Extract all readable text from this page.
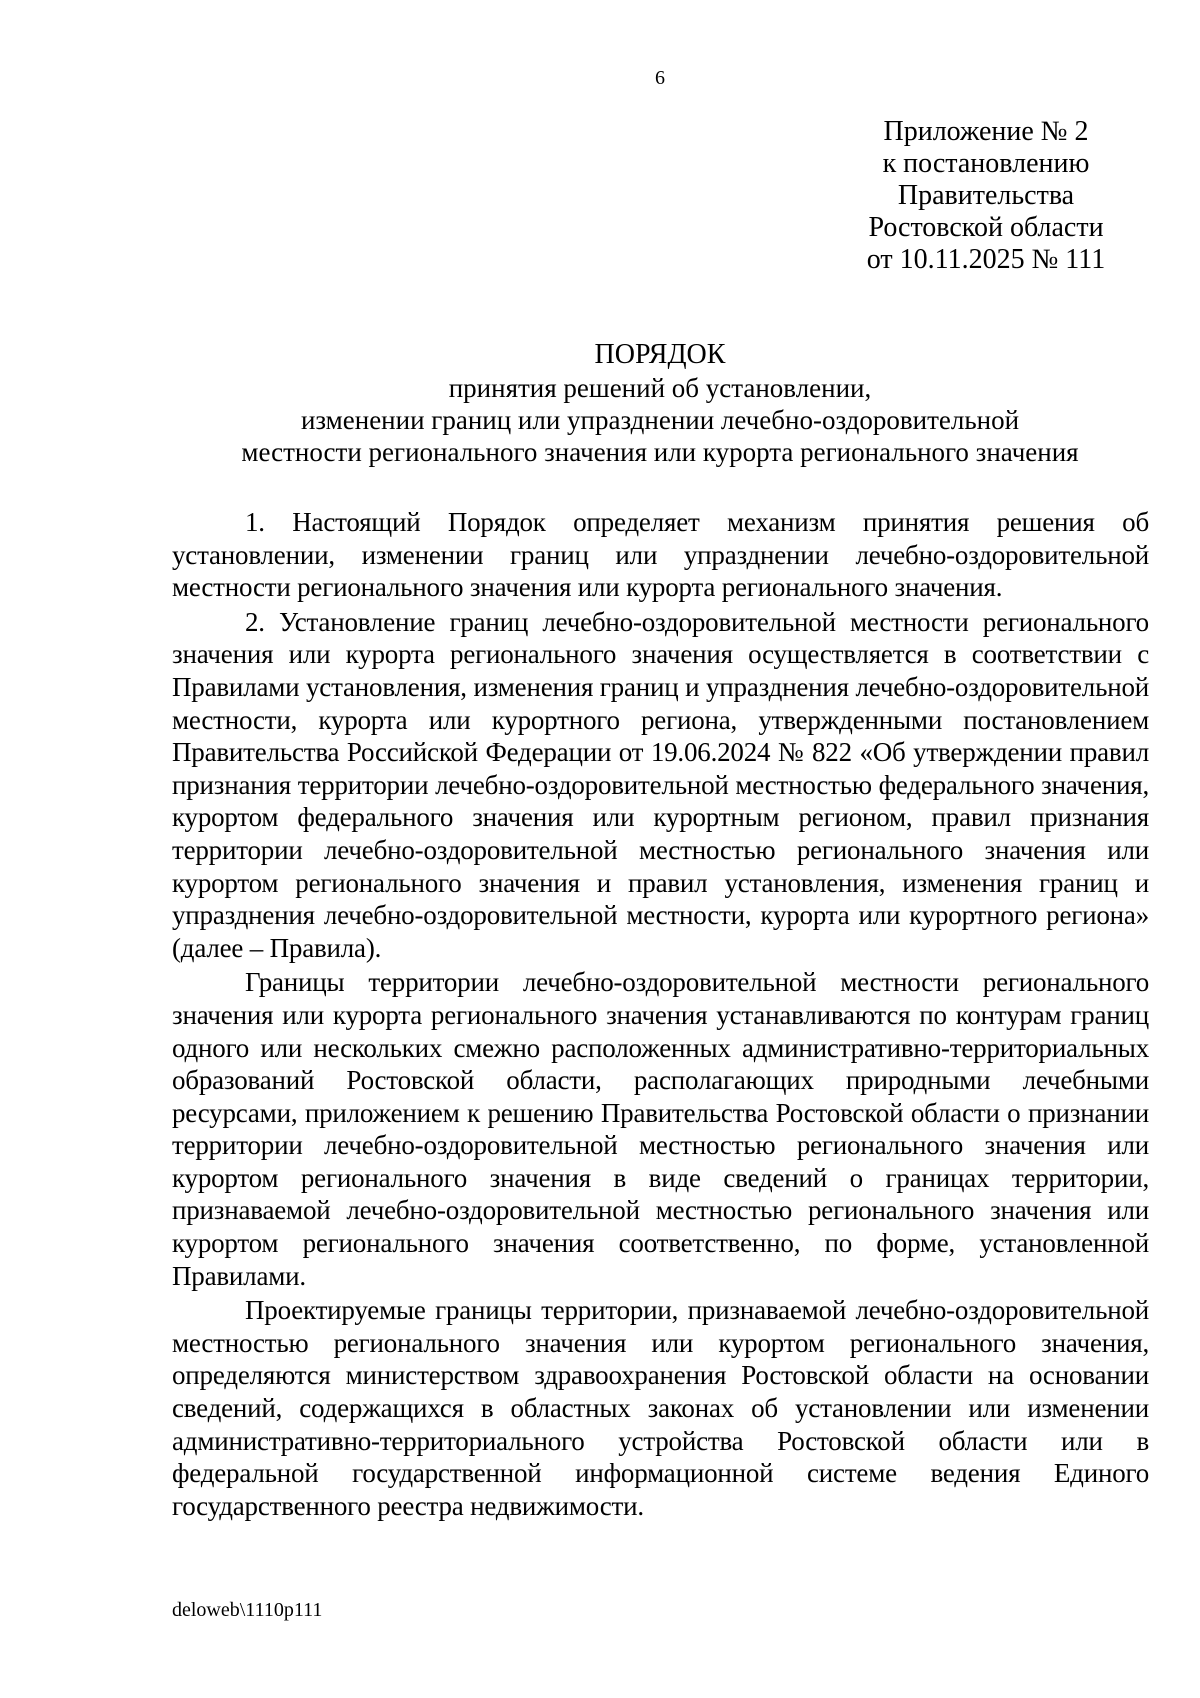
6
Приложение № 2
к постановлению
Правительства
Ростовской области
от 10.11.2025 № 111
ПОРЯДОК
принятия решений об установлении,
изменении границ или упразднении лечебно-оздоровительной
местности регионального значения или курорта регионального значения

1. Настоящий Порядок определяет механизм принятия решения об установлении, изменении границ или упразднении лечебно-оздоровительной местности регионального значения или курорта регионального значения.

2. Установление границ лечебно-оздоровительной местности регионального значения или курорта регионального значения осуществляется в соответствии с Правилами установления, изменения границ и упразднения лечебно-оздоровительной местности, курорта или курортного региона, утвержденными постановлением Правительства Российской Федерации от 19.06.2024 № 822 «Об утверждении правил признания территории лечебно-оздоровительной местностью федерального значения, курортом федерального значения или курортным регионом, правил признания территории лечебно-оздоровительной местностью регионального значения или курортом регионального значения и правил установления, изменения границ и упразднения лечебно-оздоровительной местности, курорта или курортного региона» (далее – Правила).

Границы территории лечебно-оздоровительной местности регионального значения или курорта регионального значения устанавливаются по контурам границ одного или нескольких смежно расположенных административно-территориальных образований Ростовской области, располагающих природными лечебными ресурсами, приложением к решению Правительства Ростовской области о признании территории лечебно-оздоровительной местностью регионального значения или курортом регионального значения в виде сведений о границах территории, признаваемой лечебно-оздоровительной местностью регионального значения или курортом регионального значения соответственно, по форме, установленной Правилами.

Проектируемые границы территории, признаваемой лечебно-оздоровительной местностью регионального значения или курортом регионального значения, определяются министерством здравоохранения Ростовской области на основании сведений, содержащихся в областных законах об установлении или изменении административно-территориального устройства Ростовской области или в федеральной государственной информационной системе ведения Единого государственного реестра недвижимости.

deloweb\1110p111
